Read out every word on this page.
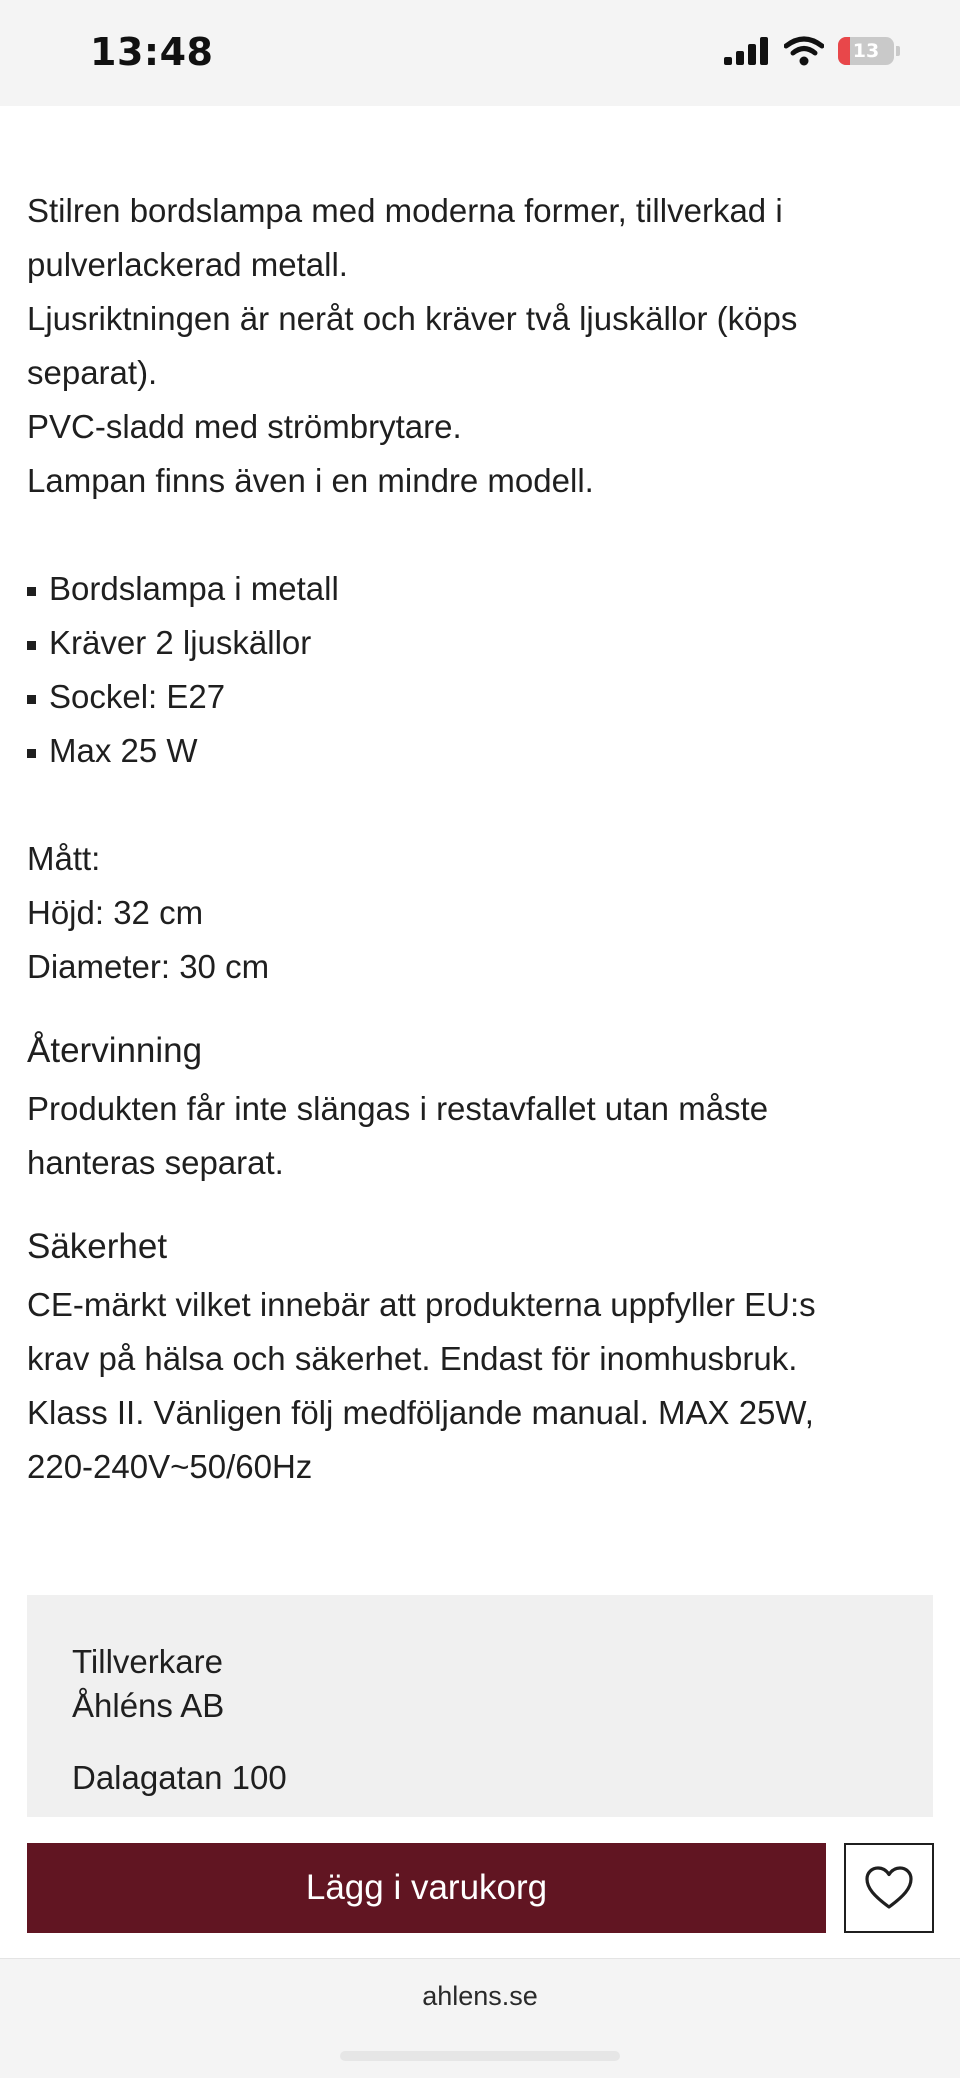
13:48	13

Stilren bordslampa med moderna former, tillverkad i

pulverlackerad metall.

Ljusriktningen är neråt och kräver två ljuskällor (köps

separat).

PVC-sladd med strömbrytare.

Lampan finns även i en mindre modell.

Bordslampa i metall

Kräver 2 ljuskällor

Sockel: E27

Max 25 W

Mått:

Höjd: 32 cm

Diameter: 30 cm

Återvinning

Produkten får inte slängas i restavfallet utan måste

hanteras separat.

Säkerhet

CE-märkt vilket innebär att produkterna uppfyller EU:s

krav på hälsa och säkerhet. Endast för inomhusbruk.

Klass II. Vänligen följ medföljande manual. MAX 25W,

220-240V~50/60Hz

Tillverkare
Åhléns AB
Dalagatan 100
Lägg i varukorg
ahlens.se
